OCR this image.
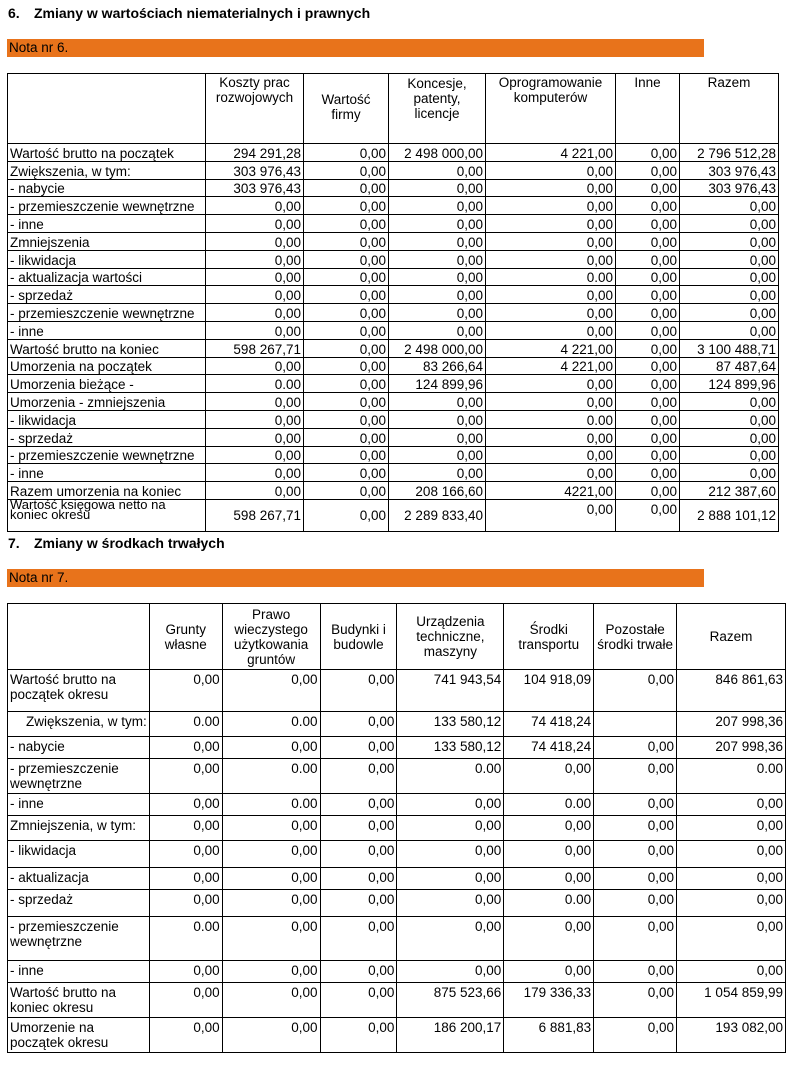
6. Zmiany w wartościach niematerialnych i prawnych
Nota nr 6.
	Koszty prac rozwojowych	Wartość firmy	Koncesje, patenty, licencje	Oprogramowanie komputerów	Inne	Razem
Wartość brutto na początek	294 291,28	0,00	2 498 000,00	4 221,00	0,00	2 796 512,28
Zwiększenia, w tym:	303 976,43	0,00	0,00	0,00	0,00	303 976,43
- nabycie	303 976,43	0,00	0,00	0,00	0,00	303 976,43
- przemieszczenie wewnętrzne	0,00	0,00	0,00	0,00	0,00	0,00
- inne	0,00	0,00	0,00	0,00	0,00	0,00
Zmniejszenia	0,00	0,00	0,00	0,00	0,00	0,00
- likwidacja	0,00	0,00	0,00	0,00	0,00	0,00
- aktualizacja wartości	0,00	0,00	0,00	0.00	0,00	0,00
- sprzedaż	0,00	0,00	0,00	0,00	0,00	0,00
- przemieszczenie wewnętrzne	0,00	0,00	0,00	0,00	0,00	0,00
- inne	0,00	0,00	0,00	0,00	0,00	0,00
Wartość brutto na koniec	598 267,71	0,00	2 498 000,00	4 221,00	0,00	3 100 488,71
Umorzenia na początek	0,00	0,00	83 266,64	4 221,00	0,00	87 487,64
Umorzenia bieżące -	0.00	0,00	124 899,96	0,00	0,00	124 899,96
Umorzenia - zmniejszenia	0,00	0,00	0,00	0,00	0,00	0,00
- likwidacja	0,00	0,00	0,00	0.00	0,00	0,00
- sprzedaż	0,00	0,00	0,00	0,00	0,00	0,00
- przemieszczenie wewnętrzne	0,00	0,00	0,00	0,00	0,00	0,00
- inne	0,00	0,00	0,00	0,00	0,00	0,00
Razem umorzenia na koniec	0,00	0,00	208 166,60	4221,00	0,00	212 387,60
Wartość księgowa netto na koniec okresu	598 267,71	0,00	2 289 833,40	0,00	0,00	2 888 101,12
7. Zmiany w środkach trwałych
Nota nr 7.
	Grunty własne	Prawo wieczystego użytkowania gruntów	Budynki i budowle	Urządzenia techniczne, maszyny	Środki transportu	Pozostałe środki trwałe	Razem
Wartość brutto na początek okresu	0,00	0,00	0,00	741 943,54	104 918,09	0,00	846 861,63
Zwiększenia, w tym:	0.00	0.00	0,00	133 580,12	74 418,24		207 998,36
- nabycie	0,00	0,00	0,00	133 580,12	74 418,24	0,00	207 998,36
- przemieszczenie wewnętrzne	0,00	0.00	0,00	0.00	0,00	0,00	0.00
- inne	0,00	0.00	0,00	0,00	0.00	0,00	0,00
Zmniejszenia, w tym:	0,00	0,00	0,00	0,00	0,00	0,00	0,00
- likwidacja	0,00	0,00	0,00	0,00	0,00	0,00	0,00
- aktualizacja	0,00	0,00	0,00	0,00	0,00	0,00	0,00
- sprzedaż	0,00	0,00	0,00	0,00	0.00	0,00	0,00
- przemieszczenie wewnętrzne	0.00	0,00	0,00	0,00	0,00	0,00	0,00
- inne	0,00	0,00	0,00	0,00	0,00	0,00	0,00
Wartość brutto na koniec okresu	0,00	0,00	0,00	875 523,66	179 336,33	0,00	1 054 859,99
Umorzenie na początek okresu	0,00	0,00	0,00	186 200,17	6 881,83	0,00	193 082,00
